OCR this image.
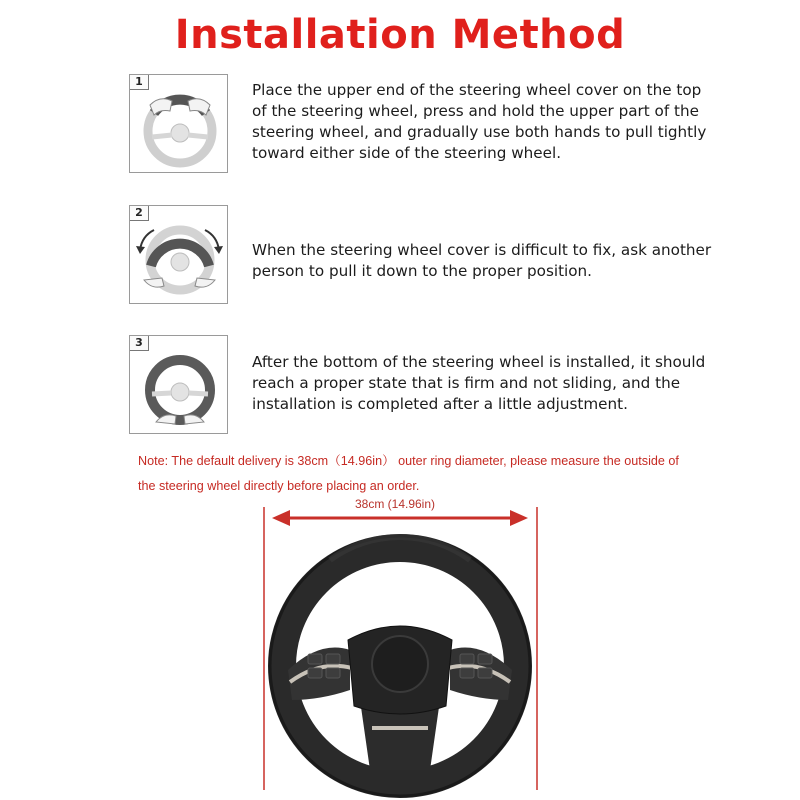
Installation Method
1	Place the upper end of the steering wheel cover on the top of the steering wheel, press and hold the upper part of the steering wheel, and gradually use both hands to pull tightly toward either side of the steering wheel.
2
When the steering wheel cover is difficult to fix, ask another person to pull it down to the proper position.
3
After the bottom of the steering wheel is installed, it should reach a proper state that is firm and not sliding, and the installation is completed after a little adjustment.
Note: The default delivery is 38cm（14.96in） outer ring diameter, please measure the outside of the steering wheel directly before placing an order.
38cm (14.96in)
